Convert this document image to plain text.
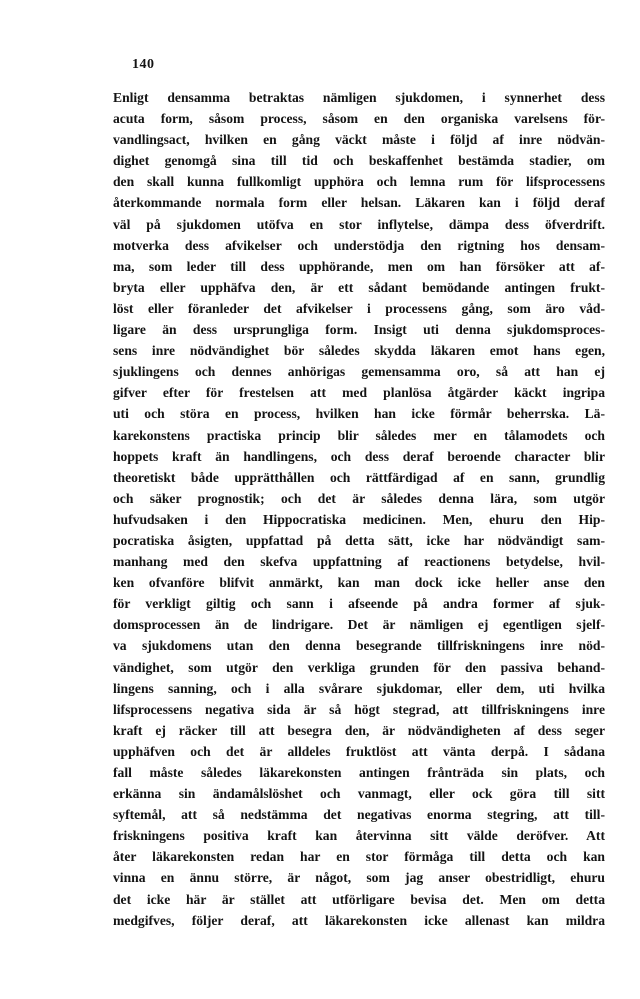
140
Enligt densamma betraktas nämligen sjukdomen, i synnerhet dess
acuta form, såsom process, såsom en den organiska varelsens för-
vandlingsact, hvilken en gång väckt måste i följd af inre nödvän-
dighet genomgå sina till tid och beskaffenhet bestämda stadier, om
den skall kunna fullkomligt upphöra och lemna rum för lifsprocessens
återkommande normala form eller helsan. Läkaren kan i följd deraf
väl på sjukdomen utöfva en stor inflytelse, dämpa dess öfverdrift.
motverka dess afvikelser och understödja den rigtning hos densam-
ma, som leder till dess upphörande, men om han försöker att af-
bryta eller upphäfva den, är ett sådant bemödande antingen frukt-
löst eller föranleder det afvikelser i processens gång, som äro våd-
ligare än dess ursprungliga form. Insigt uti denna sjukdomsproces-
sens inre nödvändighet bör således skydda läkaren emot hans egen,
sjuklingens och dennes anhörigas gemensamma oro, så att han ej
gifver efter för frestelsen att med planlösa åtgärder käckt ingripa
uti och störa en process, hvilken han icke förmår beherrska. Lä-
karekonstens practiska princip blir således mer en tålamodets och
hoppets kraft än handlingens, och dess deraf beroende character blir
theoretiskt både upprätthållen och rättfärdigad af en sann, grundlig
och säker prognostik; och det är således denna lära, som utgör
hufvudsaken i den Hippocratiska medicinen. Men, ehuru den Hip-
pocratiska åsigten, uppfattad på detta sätt, icke har nödvändigt sam-
manhang med den skefva uppfattning af reactionens betydelse, hvil-
ken ofvanföre blifvit anmärkt, kan man dock icke heller anse den
för verkligt giltig och sann i afseende på andra former af sjuk-
domsprocessen än de lindrigare. Det är nämligen ej egentligen sjelf-
va sjukdomens utan den denna besegrande tillfriskningens inre nöd-
vändighet, som utgör den verkliga grunden för den passiva behand-
lingens sanning, och i alla svårare sjukdomar, eller dem, uti hvilka
lifsprocessens negativa sida är så högt stegrad, att tillfriskningens inre
kraft ej räcker till att besegra den, är nödvändigheten af dess seger
upphäfven och det är alldeles fruktlöst att vänta derpå. I sådana
fall måste således läkarekonsten antingen frånträda sin plats, och
erkänna sin ändamålslöshet och vanmagt, eller ock göra till sitt
syftemål, att så nedstämma det negativas enorma stegring, att till-
friskningens positiva kraft kan återvinna sitt välde deröfver. Att
åter läkarekonsten redan har en stor förmåga till detta och kan
vinna en ännu större, är något, som jag anser obestridligt, ehuru
det icke här är stället att utförligare bevisa det. Men om detta
medgifves, följer deraf, att läkarekonsten icke allenast kan mildra
